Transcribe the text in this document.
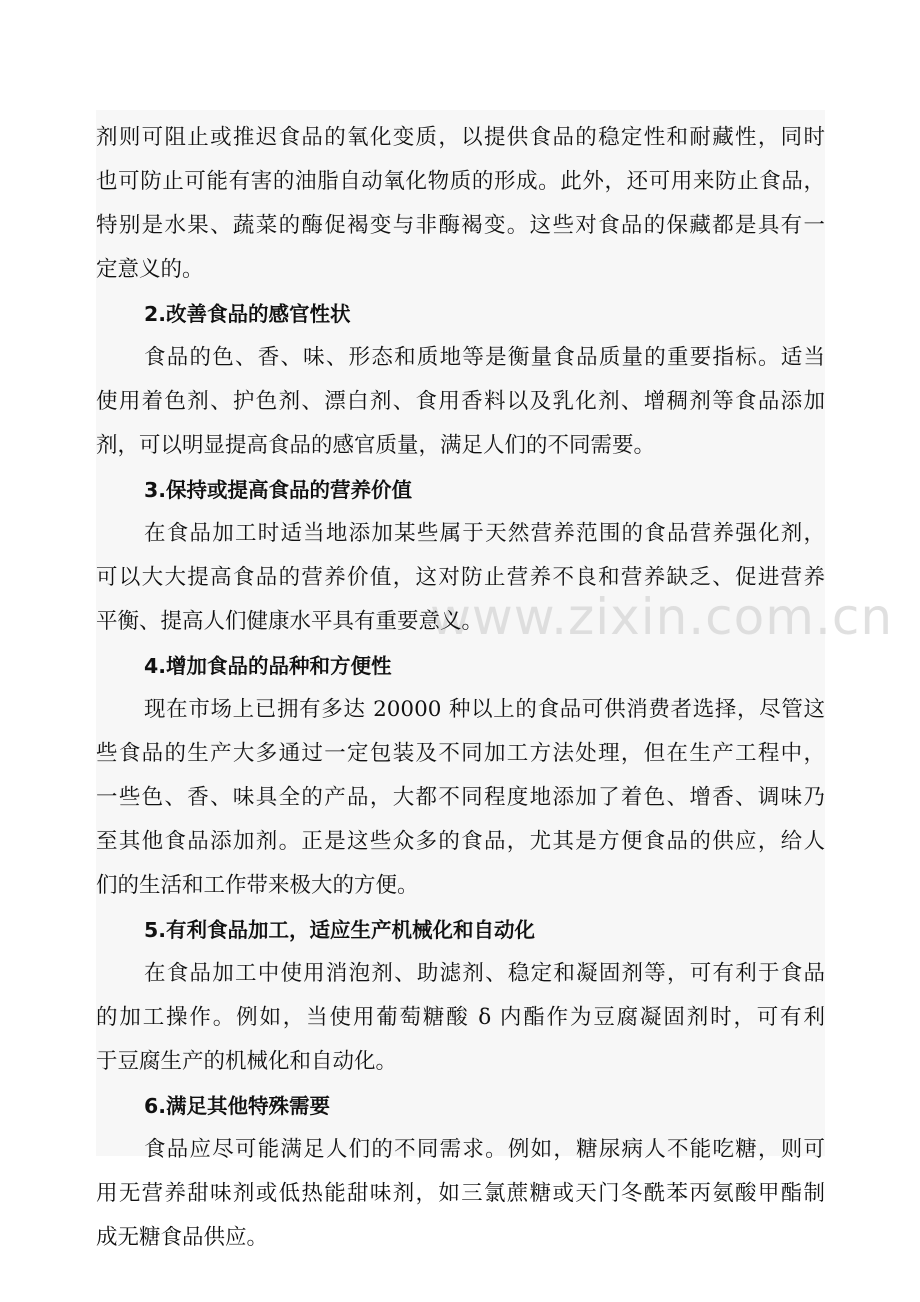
www.zixin.com.cn
剂则可阻止或推迟食品的氧化变质，以提供食品的稳定性和耐藏性，同时
也可防止可能有害的油脂自动氧化物质的形成。此外，还可用来防止食品，
特别是水果、蔬菜的酶促褐变与非酶褐变。这些对食品的保藏都是具有一
定意义的。
2.改善食品的感官性状
食品的色、香、味、形态和质地等是衡量食品质量的重要指标。适当
使用着色剂、护色剂、漂白剂、食用香料以及乳化剂、增稠剂等食品添加
剂，可以明显提高食品的感官质量，满足人们的不同需要。
3.保持或提高食品的营养价值
在食品加工时适当地添加某些属于天然营养范围的食品营养强化剂，
可以大大提高食品的营养价值，这对防止营养不良和营养缺乏、促进营养
平衡、提高人们健康水平具有重要意义。
4.增加食品的品种和方便性
现在市场上已拥有多达 20000 种以上的食品可供消费者选择，尽管这
些食品的生产大多通过一定包装及不同加工方法处理，但在生产工程中，
一些色、香、味具全的产品，大都不同程度地添加了着色、增香、调味乃
至其他食品添加剂。正是这些众多的食品，尤其是方便食品的供应，给人
们的生活和工作带来极大的方便。
5.有利食品加工，适应生产机械化和自动化
在食品加工中使用消泡剂、助滤剂、稳定和凝固剂等，可有利于食品
的加工操作。例如，当使用葡萄糖酸 δ 内酯作为豆腐凝固剂时，可有利
于豆腐生产的机械化和自动化。
6.满足其他特殊需要
食品应尽可能满足人们的不同需求。例如，糖尿病人不能吃糖，则可
用无营养甜味剂或低热能甜味剂，如三氯蔗糖或天门冬酰苯丙氨酸甲酯制
成无糖食品供应。
